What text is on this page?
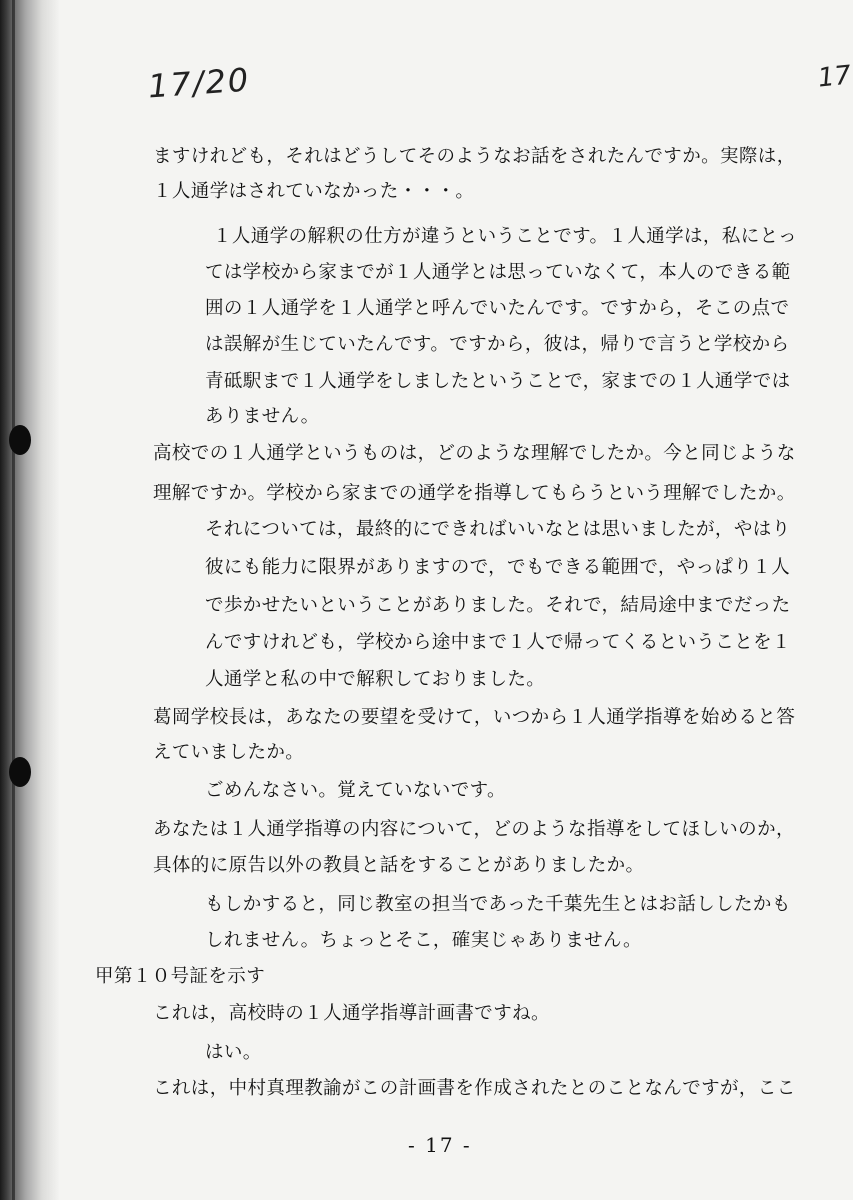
17/20	17
ますけれども，それはどうしてそのようなお話をされたんですか。実際は，
１人通学はされていなかった・・・。
１人通学の解釈の仕方が違うということです。１人通学は，私にとっ
ては学校から家までが１人通学とは思っていなくて，本人のできる範
囲の１人通学を１人通学と呼んでいたんです。ですから，そこの点で
は誤解が生じていたんです。ですから，彼は，帰りで言うと学校から
青砥駅まで１人通学をしましたということで，家までの１人通学では
ありません。
高校での１人通学というものは，どのような理解でしたか。今と同じような
理解ですか。学校から家までの通学を指導してもらうという理解でしたか。
それについては，最終的にできればいいなとは思いましたが，やはり
彼にも能力に限界がありますので，でもできる範囲で，やっぱり１人
で歩かせたいということがありました。それで，結局途中までだった
んですけれども，学校から途中まで１人で帰ってくるということを１
人通学と私の中で解釈しておりました。
葛岡学校長は，あなたの要望を受けて，いつから１人通学指導を始めると答
えていましたか。
ごめんなさい。覚えていないです。
あなたは１人通学指導の内容について，どのような指導をしてほしいのか，
具体的に原告以外の教員と話をすることがありましたか。
もしかすると，同じ教室の担当であった千葉先生とはお話ししたかも
しれません。ちょっとそこ，確実じゃありません。
甲第１０号証を示す
これは，高校時の１人通学指導計画書ですね。
はい。
これは，中村真理教諭がこの計画書を作成されたとのことなんですが，ここ
- 17 -
